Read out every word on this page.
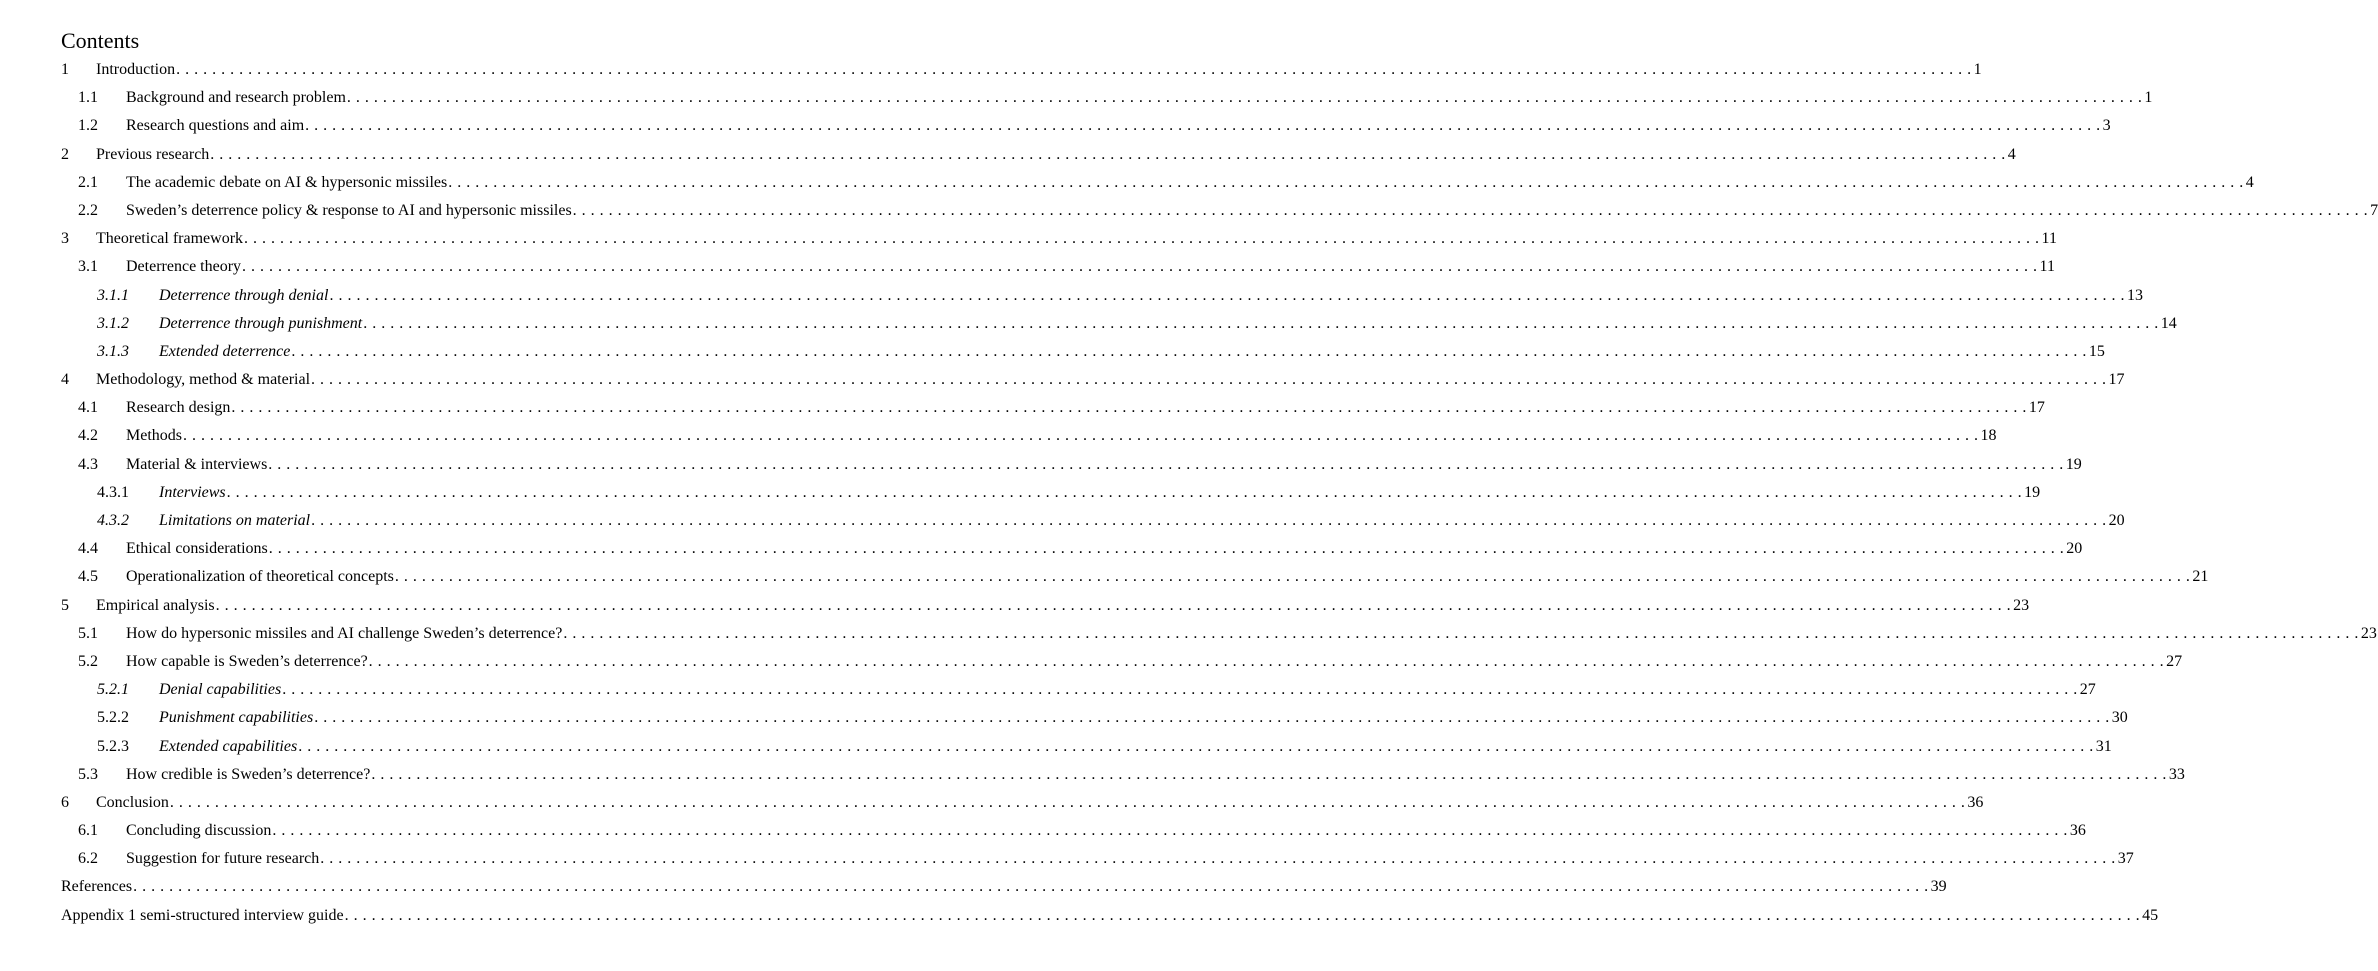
Contents
1 Introduction . . . . . . . . . . . . . . . . . . . . . . . . . . . . . . . . . . . . . . . . . . . . . . . . . . . . . . . . . . . . . . . . . . . . . . . . . . . . . . . . . . . . . . . . . . . . . . . . . . . . . . . . . . . . . . . . . . . . . . . . . . . . . . . . . . . . . . . . . . . . . . . . . . . . . . . . . . . . . . . . . . . . . . . . . . . . . . . . . . . . . . . . . . . . . . . . . . . . . . . . 1
1.1 Background and research problem . . . . . . . . . . . . . . . . . . . . . . . . . . . . . . . . . . . . . . . . . . . . . . . . . . . . . . . . . . . . . . . . . . . . . . . . . . . . . . . . . . . . . . . . . . . . . . . . . . . . . . . . . . . . . . . . . . . . . . . . . . . . . . . . . . . . . . . . . . . . . . . . . . . . . . . . . . . . . . . . . . . . . . . . . . . . . . . . . . . . . . . . . . . . . . . . . . . . . . . . 1
1.2 Research questions and aim . . . . . . . . . . . . . . . . . . . . . . . . . . . . . . . . . . . . . . . . . . . . . . . . . . . . . . . . . . . . . . . . . . . . . . . . . . . . . . . . . . . . . . . . . . . . . . . . . . . . . . . . . . . . . . . . . . . . . . . . . . . . . . . . . . . . . . . . . . . . . . . . . . . . . . . . . . . . . . . . . . . . . . . . . . . . . . . . . . . . . . . . . . . . . . . . . . . . . . . . 3
2 Previous research . . . . . . . . . . . . . . . . . . . . . . . . . . . . . . . . . . . . . . . . . . . . . . . . . . . . . . . . . . . . . . . . . . . . . . . . . . . . . . . . . . . . . . . . . . . . . . . . . . . . . . . . . . . . . . . . . . . . . . . . . . . . . . . . . . . . . . . . . . . . . . . . . . . . . . . . . . . . . . . . . . . . . . . . . . . . . . . . . . . . . . . . . . . . . . . . . . . . . . . . 4
2.1 The academic debate on AI & hypersonic missiles . . . . . . . . . . . . . . . . . . . . . . . . . . . . . . . . . . . . . . . . . . . . . . . . . . . . . . . . . . . . . . . . . . . . . . . . . . . . . . . . . . . . . . . . . . . . . . . . . . . . . . . . . . . . . . . . . . . . . . . . . . . . . . . . . . . . . . . . . . . . . . . . . . . . . . . . . . . . . . . . . . . . . . . . . . . . . . . . . . . . . . . . . . . . . . . . . . . . . . . . 4
2.2 Sweden’s deterrence policy & response to AI and hypersonic missiles . . . . . . . . . . . . . . . . . . . . . . . . . . . . . . . . . . . . . . . . . . . . . . . . . . . . . . . . . . . . . . . . . . . . . . . . . . . . . . . . . . . . . . . . . . . . . . . . . . . . . . . . . . . . . . . . . . . . . . . . . . . . . . . . . . . . . . . . . . . . . . . . . . . . . . . . . . . . . . . . . . . . . . . . . . . . . . . . . . . . . . . . . . . . . . . . . . . . . . . . 7
3 Theoretical framework . . . . . . . . . . . . . . . . . . . . . . . . . . . . . . . . . . . . . . . . . . . . . . . . . . . . . . . . . . . . . . . . . . . . . . . . . . . . . . . . . . . . . . . . . . . . . . . . . . . . . . . . . . . . . . . . . . . . . . . . . . . . . . . . . . . . . . . . . . . . . . . . . . . . . . . . . . . . . . . . . . . . . . . . . . . . . . . . . . . . . . . . . . . . . . . . . . . . . . . . 11
3.1 Deterrence theory . . . . . . . . . . . . . . . . . . . . . . . . . . . . . . . . . . . . . . . . . . . . . . . . . . . . . . . . . . . . . . . . . . . . . . . . . . . . . . . . . . . . . . . . . . . . . . . . . . . . . . . . . . . . . . . . . . . . . . . . . . . . . . . . . . . . . . . . . . . . . . . . . . . . . . . . . . . . . . . . . . . . . . . . . . . . . . . . . . . . . . . . . . . . . . . . . . . . . . . . 11
3.1.1 Deterrence through denial . . . . . . . . . . . . . . . . . . . . . . . . . . . . . . . . . . . . . . . . . . . . . . . . . . . . . . . . . . . . . . . . . . . . . . . . . . . . . . . . . . . . . . . . . . . . . . . . . . . . . . . . . . . . . . . . . . . . . . . . . . . . . . . . . . . . . . . . . . . . . . . . . . . . . . . . . . . . . . . . . . . . . . . . . . . . . . . . . . . . . . . . . . . . . . . . . . . . . . . . 13
3.1.2 Deterrence through punishment . . . . . . . . . . . . . . . . . . . . . . . . . . . . . . . . . . . . . . . . . . . . . . . . . . . . . . . . . . . . . . . . . . . . . . . . . . . . . . . . . . . . . . . . . . . . . . . . . . . . . . . . . . . . . . . . . . . . . . . . . . . . . . . . . . . . . . . . . . . . . . . . . . . . . . . . . . . . . . . . . . . . . . . . . . . . . . . . . . . . . . . . . . . . . . . . . . . . . . . . 14
3.1.3 Extended deterrence . . . . . . . . . . . . . . . . . . . . . . . . . . . . . . . . . . . . . . . . . . . . . . . . . . . . . . . . . . . . . . . . . . . . . . . . . . . . . . . . . . . . . . . . . . . . . . . . . . . . . . . . . . . . . . . . . . . . . . . . . . . . . . . . . . . . . . . . . . . . . . . . . . . . . . . . . . . . . . . . . . . . . . . . . . . . . . . . . . . . . . . . . . . . . . . . . . . . . . . . 15
4 Methodology, method & material . . . . . . . . . . . . . . . . . . . . . . . . . . . . . . . . . . . . . . . . . . . . . . . . . . . . . . . . . . . . . . . . . . . . . . . . . . . . . . . . . . . . . . . . . . . . . . . . . . . . . . . . . . . . . . . . . . . . . . . . . . . . . . . . . . . . . . . . . . . . . . . . . . . . . . . . . . . . . . . . . . . . . . . . . . . . . . . . . . . . . . . . . . . . . . . . . . . . . . . . 17
4.1 Research design . . . . . . . . . . . . . . . . . . . . . . . . . . . . . . . . . . . . . . . . . . . . . . . . . . . . . . . . . . . . . . . . . . . . . . . . . . . . . . . . . . . . . . . . . . . . . . . . . . . . . . . . . . . . . . . . . . . . . . . . . . . . . . . . . . . . . . . . . . . . . . . . . . . . . . . . . . . . . . . . . . . . . . . . . . . . . . . . . . . . . . . . . . . . . . . . . . . . . . . . 17
4.2 Methods . . . . . . . . . . . . . . . . . . . . . . . . . . . . . . . . . . . . . . . . . . . . . . . . . . . . . . . . . . . . . . . . . . . . . . . . . . . . . . . . . . . . . . . . . . . . . . . . . . . . . . . . . . . . . . . . . . . . . . . . . . . . . . . . . . . . . . . . . . . . . . . . . . . . . . . . . . . . . . . . . . . . . . . . . . . . . . . . . . . . . . . . . . . . . . . . . . . . . . . . 18
4.3 Material & interviews . . . . . . . . . . . . . . . . . . . . . . . . . . . . . . . . . . . . . . . . . . . . . . . . . . . . . . . . . . . . . . . . . . . . . . . . . . . . . . . . . . . . . . . . . . . . . . . . . . . . . . . . . . . . . . . . . . . . . . . . . . . . . . . . . . . . . . . . . . . . . . . . . . . . . . . . . . . . . . . . . . . . . . . . . . . . . . . . . . . . . . . . . . . . . . . . . . . . . . . . 19
4.3.1 Interviews . . . . . . . . . . . . . . . . . . . . . . . . . . . . . . . . . . . . . . . . . . . . . . . . . . . . . . . . . . . . . . . . . . . . . . . . . . . . . . . . . . . . . . . . . . . . . . . . . . . . . . . . . . . . . . . . . . . . . . . . . . . . . . . . . . . . . . . . . . . . . . . . . . . . . . . . . . . . . . . . . . . . . . . . . . . . . . . . . . . . . . . . . . . . . . . . . . . . . . . . 19
4.3.2 Limitations on material . . . . . . . . . . . . . . . . . . . . . . . . . . . . . . . . . . . . . . . . . . . . . . . . . . . . . . . . . . . . . . . . . . . . . . . . . . . . . . . . . . . . . . . . . . . . . . . . . . . . . . . . . . . . . . . . . . . . . . . . . . . . . . . . . . . . . . . . . . . . . . . . . . . . . . . . . . . . . . . . . . . . . . . . . . . . . . . . . . . . . . . . . . . . . . . . . . . . . . . . 20
4.4 Ethical considerations . . . . . . . . . . . . . . . . . . . . . . . . . . . . . . . . . . . . . . . . . . . . . . . . . . . . . . . . . . . . . . . . . . . . . . . . . . . . . . . . . . . . . . . . . . . . . . . . . . . . . . . . . . . . . . . . . . . . . . . . . . . . . . . . . . . . . . . . . . . . . . . . . . . . . . . . . . . . . . . . . . . . . . . . . . . . . . . . . . . . . . . . . . . . . . . . . . . . . . . . 20
4.5 Operationalization of theoretical concepts . . . . . . . . . . . . . . . . . . . . . . . . . . . . . . . . . . . . . . . . . . . . . . . . . . . . . . . . . . . . . . . . . . . . . . . . . . . . . . . . . . . . . . . . . . . . . . . . . . . . . . . . . . . . . . . . . . . . . . . . . . . . . . . . . . . . . . . . . . . . . . . . . . . . . . . . . . . . . . . . . . . . . . . . . . . . . . . . . . . . . . . . . . . . . . . . . . . . . . . . 21
5 Empirical analysis . . . . . . . . . . . . . . . . . . . . . . . . . . . . . . . . . . . . . . . . . . . . . . . . . . . . . . . . . . . . . . . . . . . . . . . . . . . . . . . . . . . . . . . . . . . . . . . . . . . . . . . . . . . . . . . . . . . . . . . . . . . . . . . . . . . . . . . . . . . . . . . . . . . . . . . . . . . . . . . . . . . . . . . . . . . . . . . . . . . . . . . . . . . . . . . . . . . . . . . . 23
5.1 How do hypersonic missiles and AI challenge Sweden’s deterrence? . . . . . . . . . . . . . . . . . . . . . . . . . . . . . . . . . . . . . . . . . . . . . . . . . . . . . . . . . . . . . . . . . . . . . . . . . . . . . . . . . . . . . . . . . . . . . . . . . . . . . . . . . . . . . . . . . . . . . . . . . . . . . . . . . . . . . . . . . . . . . . . . . . . . . . . . . . . . . . . . . . . . . . . . . . . . . . . . . . . . . . . . . . . . . . . . . . . . . . . . 23
5.2 How capable is Sweden’s deterrence? . . . . . . . . . . . . . . . . . . . . . . . . . . . . . . . . . . . . . . . . . . . . . . . . . . . . . . . . . . . . . . . . . . . . . . . . . . . . . . . . . . . . . . . . . . . . . . . . . . . . . . . . . . . . . . . . . . . . . . . . . . . . . . . . . . . . . . . . . . . . . . . . . . . . . . . . . . . . . . . . . . . . . . . . . . . . . . . . . . . . . . . . . . . . . . . . . . . . . . . . 27
5.2.1 Denial capabilities . . . . . . . . . . . . . . . . . . . . . . . . . . . . . . . . . . . . . . . . . . . . . . . . . . . . . . . . . . . . . . . . . . . . . . . . . . . . . . . . . . . . . . . . . . . . . . . . . . . . . . . . . . . . . . . . . . . . . . . . . . . . . . . . . . . . . . . . . . . . . . . . . . . . . . . . . . . . . . . . . . . . . . . . . . . . . . . . . . . . . . . . . . . . . . . . . . . . . . . . 27
5.2.2 Punishment capabilities . . . . . . . . . . . . . . . . . . . . . . . . . . . . . . . . . . . . . . . . . . . . . . . . . . . . . . . . . . . . . . . . . . . . . . . . . . . . . . . . . . . . . . . . . . . . . . . . . . . . . . . . . . . . . . . . . . . . . . . . . . . . . . . . . . . . . . . . . . . . . . . . . . . . . . . . . . . . . . . . . . . . . . . . . . . . . . . . . . . . . . . . . . . . . . . . . . . . . . . . 30
5.2.3 Extended capabilities . . . . . . . . . . . . . . . . . . . . . . . . . . . . . . . . . . . . . . . . . . . . . . . . . . . . . . . . . . . . . . . . . . . . . . . . . . . . . . . . . . . . . . . . . . . . . . . . . . . . . . . . . . . . . . . . . . . . . . . . . . . . . . . . . . . . . . . . . . . . . . . . . . . . . . . . . . . . . . . . . . . . . . . . . . . . . . . . . . . . . . . . . . . . . . . . . . . . . . . . 31
5.3 How credible is Sweden’s deterrence? . . . . . . . . . . . . . . . . . . . . . . . . . . . . . . . . . . . . . . . . . . . . . . . . . . . . . . . . . . . . . . . . . . . . . . . . . . . . . . . . . . . . . . . . . . . . . . . . . . . . . . . . . . . . . . . . . . . . . . . . . . . . . . . . . . . . . . . . . . . . . . . . . . . . . . . . . . . . . . . . . . . . . . . . . . . . . . . . . . . . . . . . . . . . . . . . . . . . . . . . 33
6 Conclusion . . . . . . . . . . . . . . . . . . . . . . . . . . . . . . . . . . . . . . . . . . . . . . . . . . . . . . . . . . . . . . . . . . . . . . . . . . . . . . . . . . . . . . . . . . . . . . . . . . . . . . . . . . . . . . . . . . . . . . . . . . . . . . . . . . . . . . . . . . . . . . . . . . . . . . . . . . . . . . . . . . . . . . . . . . . . . . . . . . . . . . . . . . . . . . . . . . . . . . . . 36
6.1 Concluding discussion . . . . . . . . . . . . . . . . . . . . . . . . . . . . . . . . . . . . . . . . . . . . . . . . . . . . . . . . . . . . . . . . . . . . . . . . . . . . . . . . . . . . . . . . . . . . . . . . . . . . . . . . . . . . . . . . . . . . . . . . . . . . . . . . . . . . . . . . . . . . . . . . . . . . . . . . . . . . . . . . . . . . . . . . . . . . . . . . . . . . . . . . . . . . . . . . . . . . . . . . 36
6.2 Suggestion for future research . . . . . . . . . . . . . . . . . . . . . . . . . . . . . . . . . . . . . . . . . . . . . . . . . . . . . . . . . . . . . . . . . . . . . . . . . . . . . . . . . . . . . . . . . . . . . . . . . . . . . . . . . . . . . . . . . . . . . . . . . . . . . . . . . . . . . . . . . . . . . . . . . . . . . . . . . . . . . . . . . . . . . . . . . . . . . . . . . . . . . . . . . . . . . . . . . . . . . . . . 37
References . . . . . . . . . . . . . . . . . . . . . . . . . . . . . . . . . . . . . . . . . . . . . . . . . . . . . . . . . . . . . . . . . . . . . . . . . . . . . . . . . . . . . . . . . . . . . . . . . . . . . . . . . . . . . . . . . . . . . . . . . . . . . . . . . . . . . . . . . . . . . . . . . . . . . . . . . . . . . . . . . . . . . . . . . . . . . . . . . . . . . . . . . . . . . . . . . . . . . . . . 39
Appendix 1 semi-structured interview guide . . . . . . . . . . . . . . . . . . . . . . . . . . . . . . . . . . . . . . . . . . . . . . . . . . . . . . . . . . . . . . . . . . . . . . . . . . . . . . . . . . . . . . . . . . . . . . . . . . . . . . . . . . . . . . . . . . . . . . . . . . . . . . . . . . . . . . . . . . . . . . . . . . . . . . . . . . . . . . . . . . . . . . . . . . . . . . . . . . . . . . . . . . . . . . . . . . . . . . . . 45
